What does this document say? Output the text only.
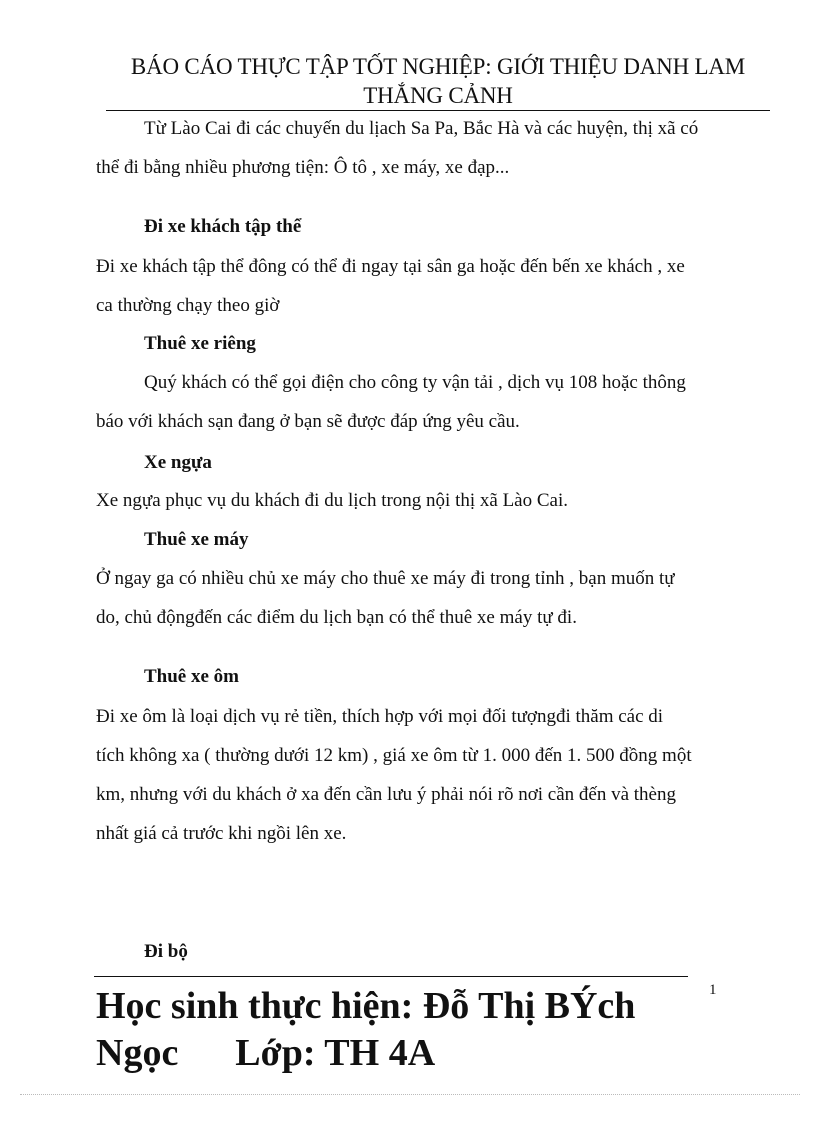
BÁO CÁO THỰC TẬP TỐT NGHIỆP: GIỚI THIỆU DANH LAM
THẮNG CẢNH
Từ Lào Cai đi các chuyến du lịach Sa Pa, Bắc Hà và các huyện, thị xã có
thể đi bằng nhiều phương tiện: Ô tô , xe máy, xe đạp...
Đi xe khách tập thể
Đi xe khách tập thể đông có thể đi ngay tại sân ga hoặc đến bến xe khách , xe
ca thường chạy theo giờ
Thuê xe riêng
Quý khách có thể gọi điện cho công ty vận tải , dịch vụ 108 hoặc thông
báo với khách sạn đang ở bạn sẽ được đáp ứng yêu cầu.
Xe ngựa
Xe ngựa phục vụ du khách đi du lịch trong nội thị xã Lào Cai.
Thuê xe máy
Ở ngay ga có nhiều chủ xe máy cho thuê xe máy đi trong tỉnh , bạn muốn tự
do, chủ độngđến các điểm du lịch bạn có thể thuê xe máy tự đi.
Thuê xe ôm
Đi xe ôm là loại dịch vụ rẻ tiền, thích hợp với mọi đối tượngđi thăm các di
tích không xa ( thường dưới 12 km) , giá xe ôm từ 1. 000 đến 1. 500 đồng một
km, nhưng với du khách ở xa đến cần lưu ý phải nói rõ nơi cần đến và thèng
nhất giá cả trước khi ngồi lên xe.
Đi bộ
1
Học sinh thực hiện: Đỗ Thị BÝch
Ngọc      Lớp: TH 4A
